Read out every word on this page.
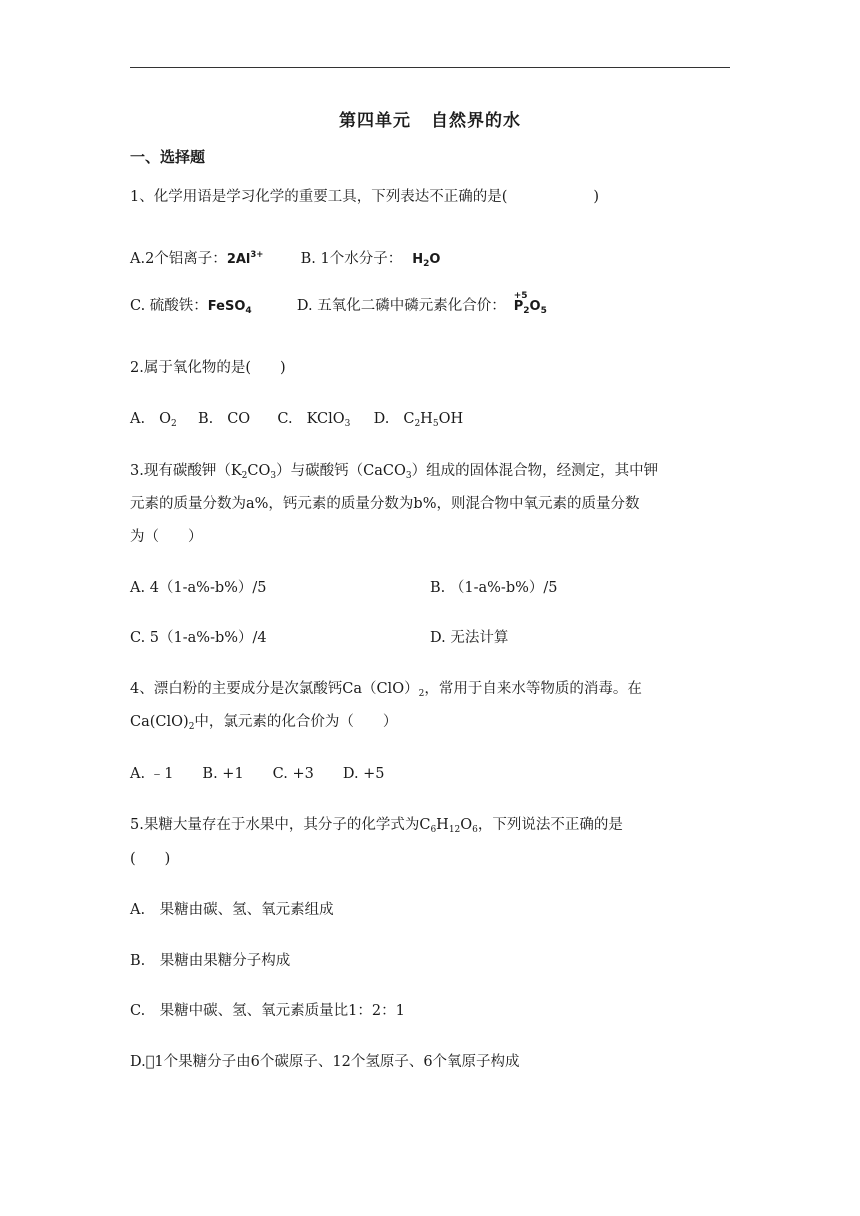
第四单元 自然界的水
一、选择题
1、化学用语是学习化学的重要工具，下列表达不正确的是(	)
A.2个铝离子：$2Al^{3+}$	B. 1个水分子： $H_2O$
C. 硫酸铁：FeSO$_4$	D. 五氧化二磷中磷元素化合价：
+5
$P_2O_5$
2.属于氧化物的是(　　)
A. $O_2$ B. CO C. KClO$_3$ D. $C_2H_5OH$
3.现有碳酸钾$(K_2CO_3)$与碳酸钙（CaCO$_3$）组成的固体混合物，经测定，其中钾
元素的质量分数为a%，钙元素的质量分数为b%，则混合物中氧元素的质量分数
为（　　）
A. 4（1-a%-b%）/5	B. （1-a%-b%）/5
C. 5（1-a%-b%）/4	D. 无法计算
4、漂白粉的主要成分是次氯酸钙$Ca(ClO)_2$，常用于自来水等物质的消毒。在
$Ca(ClO)_2$中，氯元素的化合价为（　　）
A. ﹣1　　B. +1　　C. +3　　D. +5
5.果糖大量存在于水果中，其分子的化学式为$C_6H_{12}O_6$，下列说法不正确的是
(　　)
A.　果糖由碳、氢、氧元素组成
B.　果糖由果糖分子构成
C.　果糖中碳、氢、氧元素质量比1：2：1
D. 1个果糖分子由6个碳原子、12个氢原子、6个氧原子构成
